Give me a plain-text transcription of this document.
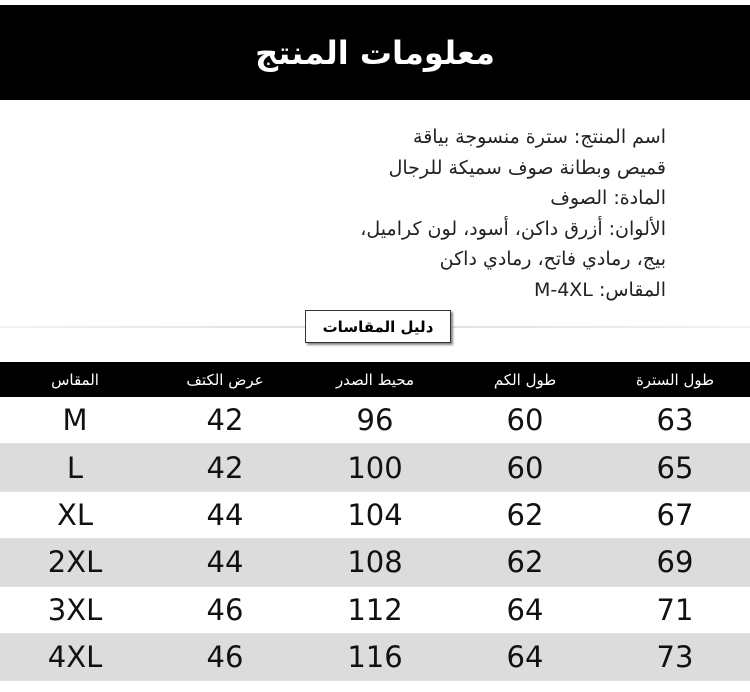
معلومات المنتج
اسم المنتج: سترة منسوجة بياقة
قميص وبطانة صوف سميكة للرجال
المادة: الصوف
الألوان: أزرق داكن، أسود، لون كراميل،
بيج، رمادي فاتح، رمادي داكن
المقاس: M-4XL
دليل المقاسات
طول السترة
طول الكم
محيط الصدر
عرض الكتف
المقاس
63
60
96
42
M
65
60
100
42
L
67
62
104
44
XL
69
62
108
44
2XL
71
64
112
46
3XL
73
64
116
46
4XL
